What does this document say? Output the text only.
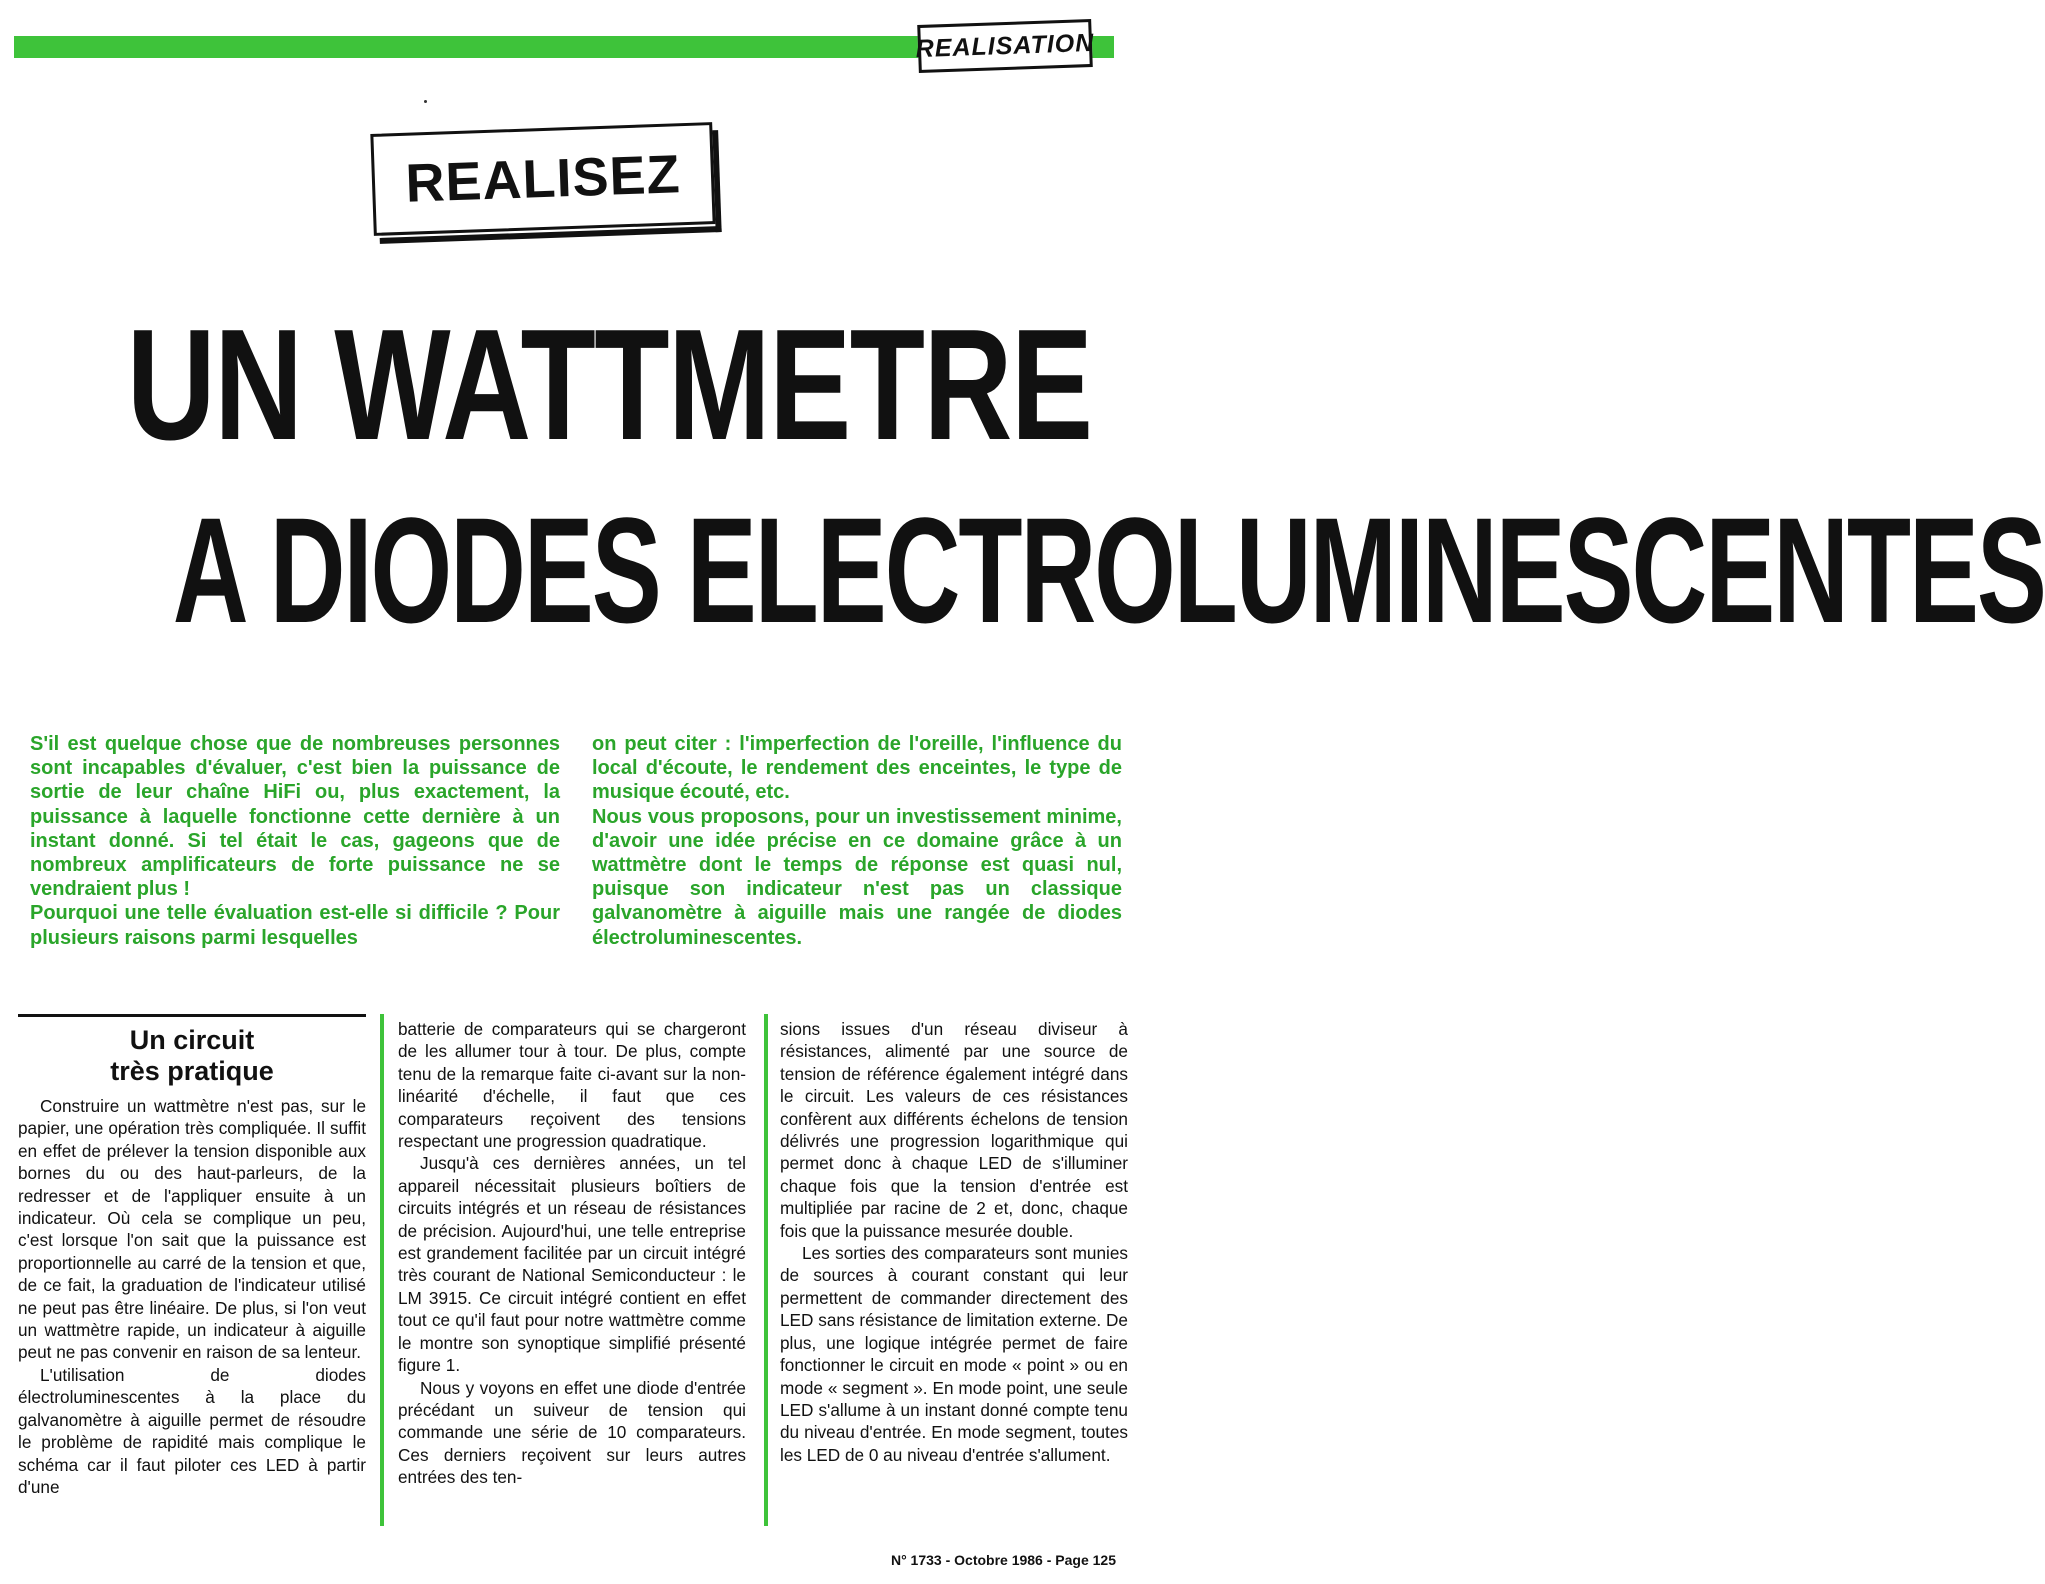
REALISATION
REALISEZ
UN WATTMETRE
A DIODES ELECTROLUMINESCENTES

S'il est quelque chose que de nombreuses personnes sont incapables d'évaluer, c'est bien la puissance de sortie de leur chaîne HiFi ou, plus exactement, la puissance à laquelle fonctionne cette dernière à un instant donné. Si tel était le cas, gageons que de nombreux amplificateurs de forte puissance ne se vendraient plus !

Pourquoi une telle évaluation est-elle si difficile ? Pour plusieurs raisons parmi lesquelles

on peut citer : l'imperfection de l'oreille, l'influence du local d'écoute, le rendement des enceintes, le type de musique écouté, etc.

Nous vous proposons, pour un investissement minime, d'avoir une idée précise en ce domaine grâce à un wattmètre dont le temps de réponse est quasi nul, puisque son indicateur n'est pas un classique galvanomètre à aiguille mais une rangée de diodes électroluminescentes.

Un circuit
très pratique

Construire un wattmètre n'est pas, sur le papier, une opération très compliquée. Il suffit en effet de prélever la tension disponible aux bornes du ou des haut-parleurs, de la redresser et de l'appliquer ensuite à un indicateur. Où cela se complique un peu, c'est lorsque l'on sait que la puissance est proportionnelle au carré de la tension et que, de ce fait, la graduation de l'indicateur utilisé ne peut pas être linéaire. De plus, si l'on veut un wattmètre rapide, un indicateur à aiguille peut ne pas convenir en raison de sa lenteur.

L'utilisation de diodes électroluminescentes à la place du galvanomètre à aiguille permet de résoudre le problème de rapidité mais complique le schéma car il faut piloter ces LED à partir d'une

batterie de comparateurs qui se chargeront de les allumer tour à tour. De plus, compte tenu de la remarque faite ci-avant sur la non-linéarité d'échelle, il faut que ces comparateurs reçoivent des tensions respectant une progression quadratique.

Jusqu'à ces dernières années, un tel appareil nécessitait plusieurs boîtiers de circuits intégrés et un réseau de résistances de précision. Aujourd'hui, une telle entreprise est grandement facilitée par un circuit intégré très courant de National Semiconducteur : le LM 3915. Ce circuit intégré contient en effet tout ce qu'il faut pour notre wattmètre comme le montre son synoptique simplifié présenté figure 1.

Nous y voyons en effet une diode d'entrée précédant un suiveur de tension qui commande une série de 10 comparateurs. Ces derniers reçoivent sur leurs autres entrées des ten-

sions issues d'un réseau diviseur à résistances, alimenté par une source de tension de référence également intégré dans le circuit. Les valeurs de ces résistances confèrent aux différents échelons de tension délivrés une progression logarithmique qui permet donc à chaque LED de s'illuminer chaque fois que la tension d'entrée est multipliée par racine de 2 et, donc, chaque fois que la puissance mesurée double.

Les sorties des comparateurs sont munies de sources à courant constant qui leur permettent de commander directement des LED sans résistance de limitation externe. De plus, une logique intégrée permet de faire fonctionner le circuit en mode « point » ou en mode « segment ». En mode point, une seule LED s'allume à un instant donné compte tenu du niveau d'entrée. En mode segment, toutes les LED de 0 au niveau d'entrée s'allument.

N° 1733 - Octobre 1986 - Page 125
